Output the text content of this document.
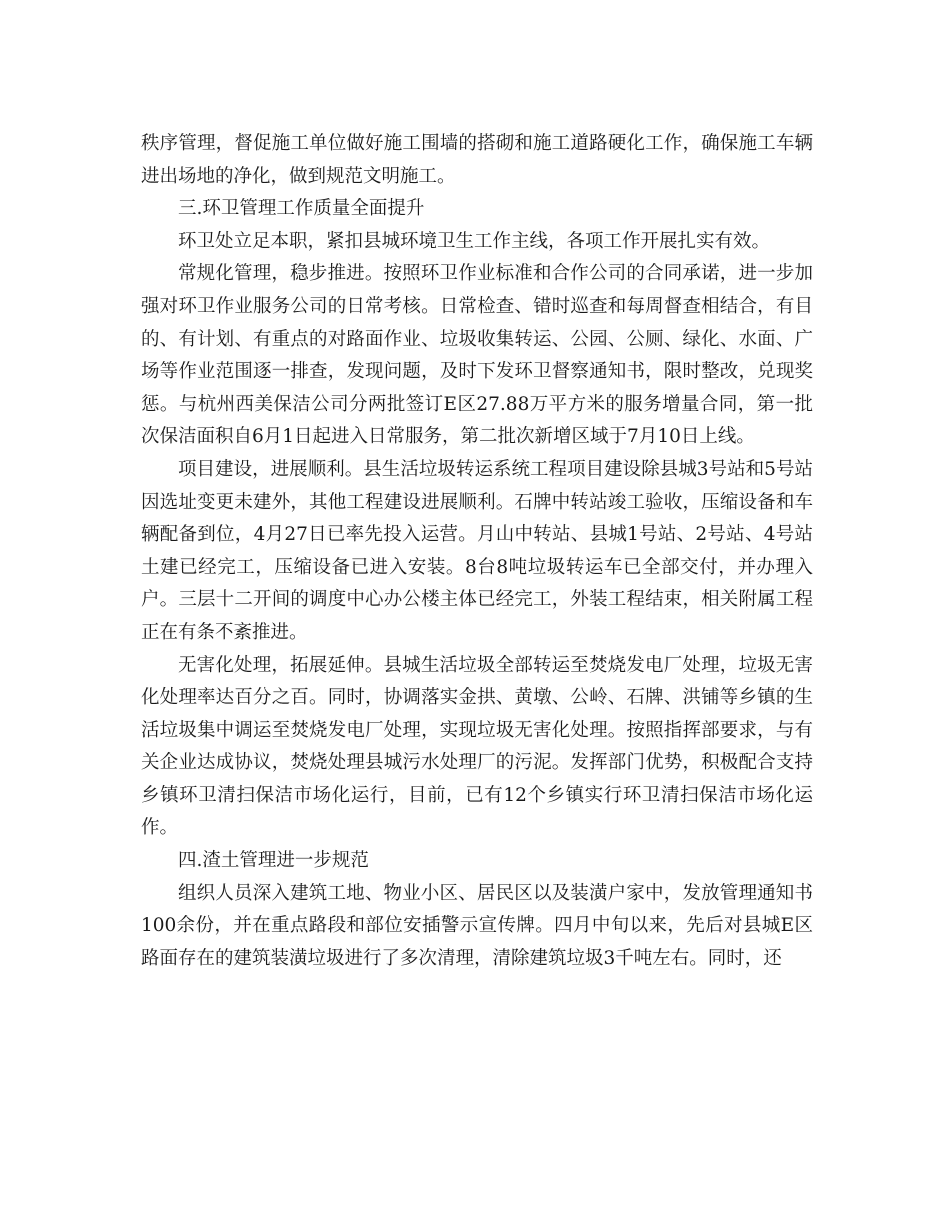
秩序管理，督促施工单位做好施工围墙的搭砌和施工道路硬化工作，确保施工车辆进出场地的净化，做到规范文明施工。

三.环卫管理工作质量全面提升

环卫处立足本职，紧扣县城环境卫生工作主线，各项工作开展扎实有效。

常规化管理，稳步推进。按照环卫作业标准和合作公司的合同承诺，进一步加强对环卫作业服务公司的日常考核。日常检查、错时巡查和每周督查相结合，有目的、有计划、有重点的对路面作业、垃圾收集转运、公园、公厕、绿化、水面、广场等作业范围逐一排查，发现问题，及时下发环卫督察通知书，限时整改，兑现奖惩。与杭州西美保洁公司分两批签订E区27.88万平方米的服务增量合同，第一批次保洁面积自6月1日起进入日常服务，第二批次新增区域于7月10日上线。

项目建设，进展顺利。县生活垃圾转运系统工程项目建设除县城3号站和5号站因选址变更未建外，其他工程建设进展顺利。石牌中转站竣工验收，压缩设备和车辆配备到位，4月27日已率先投入运营。月山中转站、县城1号站、2号站、4号站土建已经完工，压缩设备已进入安装。8台8吨垃圾转运车已全部交付，并办理入户。三层十二开间的调度中心办公楼主体已经完工，外装工程结束，相关附属工程正在有条不紊推进。

无害化处理，拓展延伸。县城生活垃圾全部转运至焚烧发电厂处理，垃圾无害化处理率达百分之百。同时，协调落实金拱、黄墩、公岭、石牌、洪铺等乡镇的生活垃圾集中调运至焚烧发电厂处理，实现垃圾无害化处理。按照指挥部要求，与有关企业达成协议，焚烧处理县城污水处理厂的污泥。发挥部门优势，积极配合支持乡镇环卫清扫保洁市场化运行，目前，已有12个乡镇实行环卫清扫保洁市场化运作。

四.渣土管理进一步规范

组织人员深入建筑工地、物业小区、居民区以及装潢户家中，发放管理通知书100余份，并在重点路段和部位安插警示宣传牌。四月中旬以来，先后对县城E区路面存在的建筑装潢垃圾进行了多次清理，清除建筑垃圾3千吨左右。同时，还
